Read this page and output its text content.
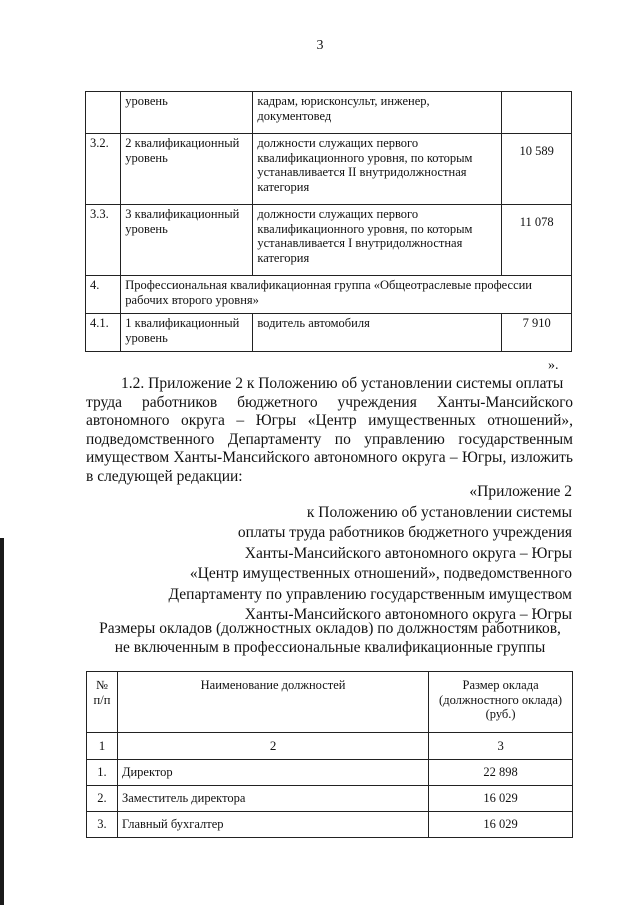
3
	уровень	кадрам, юрисконсульт, инженер, документовед	
3.2.	2 квалификационный уровень	должности служащих первого квалификационного уровня, по которым устанавливается II внутридолжностная категория	10 589
3.3.	3 квалификационный уровень	должности служащих первого квалификационного уровня, по которым устанавливается I внутридолжностная категория	11 078
4.	Профессиональная квалификационная группа «Общеотраслевые профессии рабочих второго уровня»		
4.1.	1 квалификационный уровень	водитель автомобиля	7 910
».

1.2. Приложение 2 к Положению об установлении системы оплаты

труда работников бюджетного учреждения Ханты-Мансийского автономного округа – Югры «Центр имущественных отношений», подведомственного Департаменту по управлению государственным имуществом Ханты-Мансийского автономного округа – Югры, изложить в следующей редакции:

«Приложение 2
к Положению об установлении системы
оплаты труда работников бюджетного учреждения
Ханты-Мансийского автономного округа – Югры
«Центр имущественных отношений», подведомственного
Департаменту по управлению государственным имуществом
Ханты-Мансийского автономного округа – Югры
Размеры окладов (должностных окладов) по должностям работников,
не включенным в профессиональные квалификационные группы
№ п/п	Наименование должностей	Размер оклада (должностного оклада) (руб.)
1	2	3
1.	Директор	22 898
2.	Заместитель директора	16 029
3.	Главный бухгалтер	16 029
